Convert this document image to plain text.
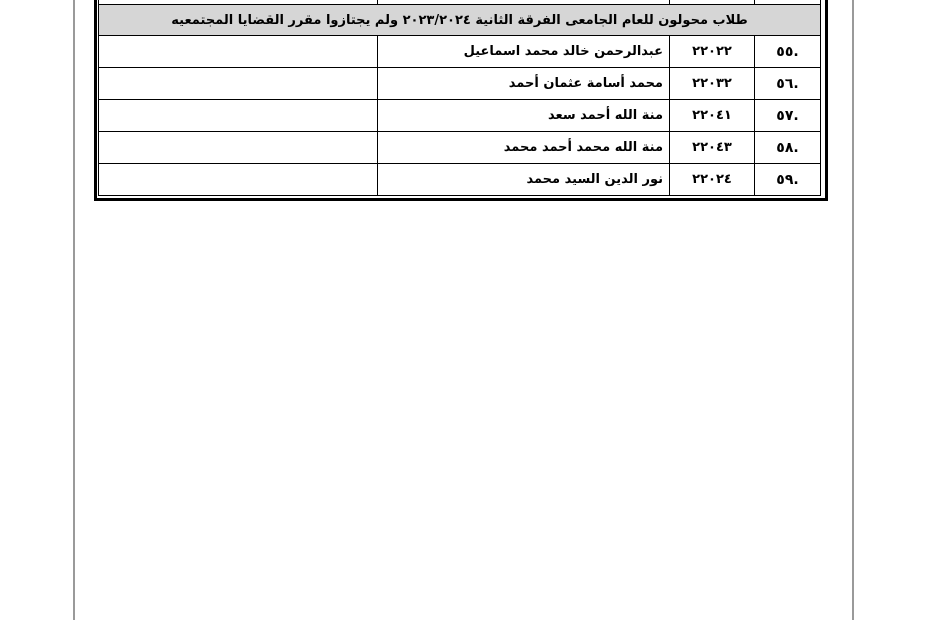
طلاب محولون للعام الجامعى الفرقة الثانية ٢٠٢٣/٢٠٢٤ ولم يجتازوا مقرر القضايا المجتمعيه			
.٥٥	٢٢٠٢٢	عبدالرحمن خالد محمد اسماعيل	
.٥٦	٢٢٠٣٢	محمد أسامة عثمان أحمد	
.٥٧	٢٢٠٤١	منة الله أحمد سعد	
.٥٨	٢٢٠٤٣	منة الله محمد أحمد محمد	
.٥٩	٢٢٠٢٤	نور الدين السيد محمد	
